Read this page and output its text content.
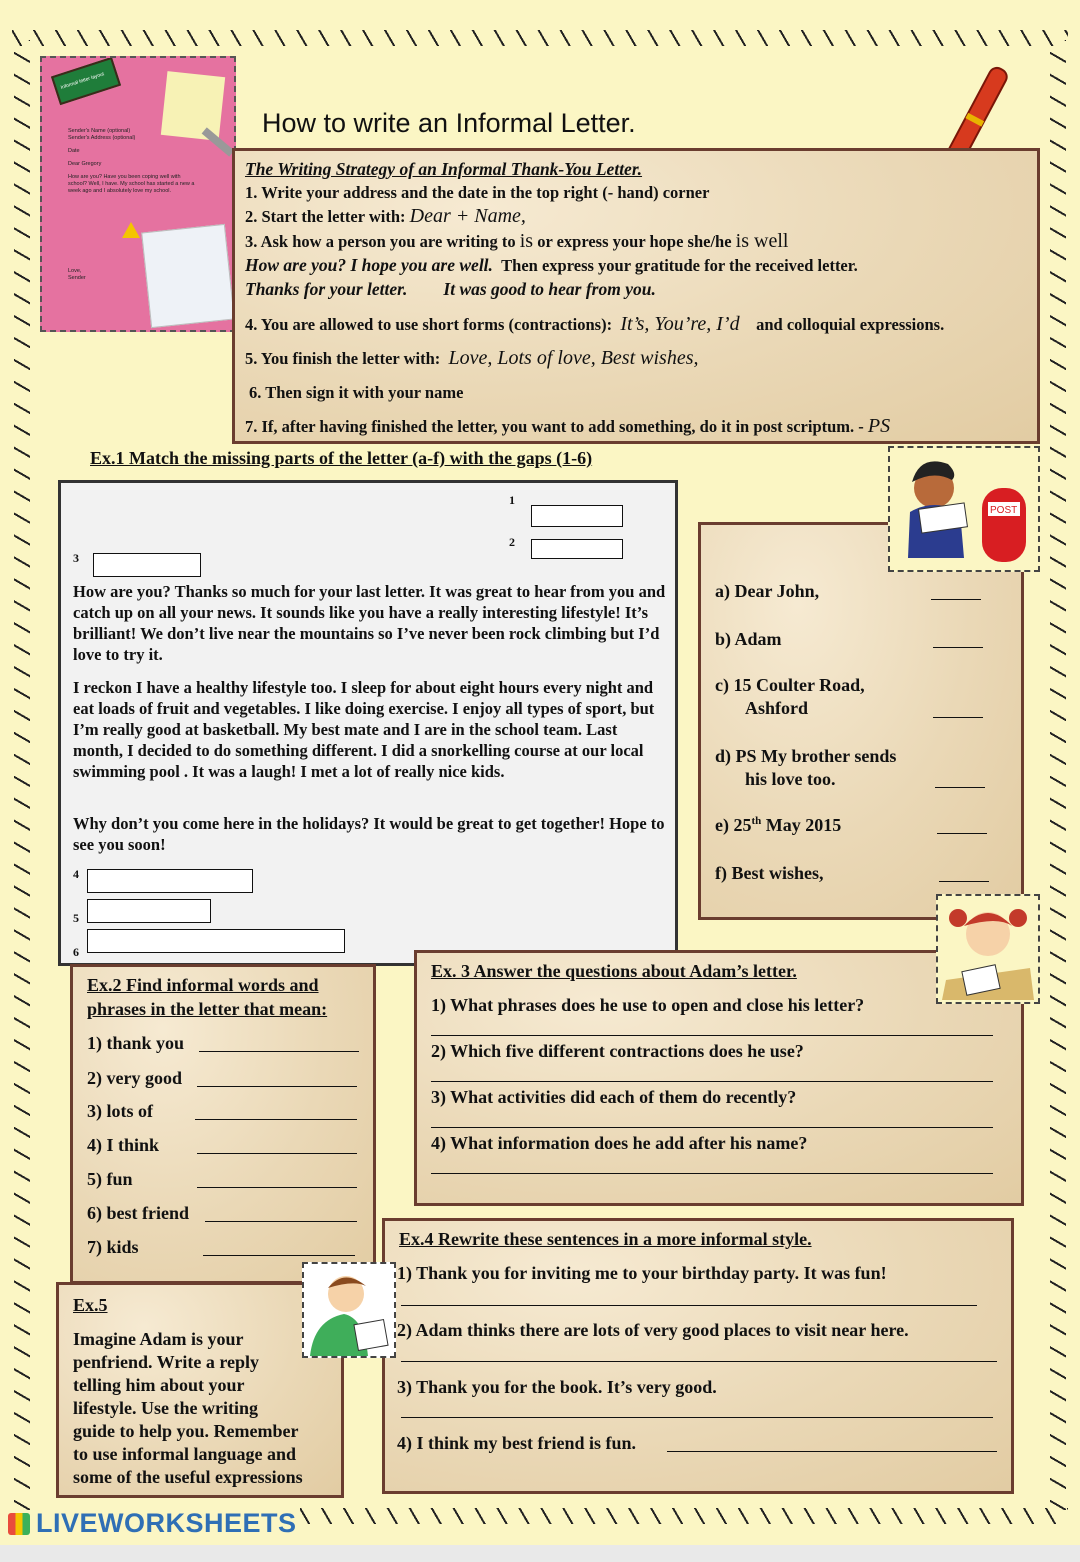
Informal letter layout
Sender's Name (optional)
Sender's Address (optional)
Date
Dear Gregory
How are you? Have you been coping well with school? Well, I have. My school has started a new a week ago and I absolutely love my school.
Love,
Sender
How to write an Informal Letter.

The Writing Strategy of an Informal Thank-You Letter.

1. Write your address and the date in the top right (- hand) corner

2. Start the letter with: Dear + Name,

3. Ask how a person you are writing to is or express your hope she/he is well

How are you? I hope you are well. Then express your gratitude for the received letter.

Thanks for your letter. It was good to hear from you.

4. You are allowed to use short forms (contractions): It’s, You’re, I’d and colloquial expressions.

5. You finish the letter with: Love, Lots of love, Best wishes,

6. Then sign it with your name

7. If, after having finished the letter, you want to add something, do it in post scriptum. - PS

Ex.1 Match the missing parts of the letter (a-f) with the gaps (1-6)
1
2
3
How are you? Thanks so much for your last letter. It was great to hear from you and catch up on all your news. It sounds like you have a really interesting lifestyle! It’s brilliant! We don’t live near the mountains so I’ve never been rock climbing but I’d love to try it.
I reckon I have a healthy lifestyle too. I sleep for about eight hours every night and eat loads of fruit and vegetables. I like doing exercise. I enjoy all types of sport, but I’m really good at basketball. My best mate and I are in the school team. Last month, I decided to do something different. I did a snorkelling course at our local swimming pool . It was a laugh! I met a lot of really nice kids.
Why don’t you come here in the holidays? It would be great to get together! Hope to see you soon!
4
5
6
a) Dear John,
b) Adam
c) 15 Coulter Road,
Ashford
d) PS My brother sends
his love too.
e) 25th May 2015
f) Best wishes,
POST
Ex.2 Find informal words and
phrases in the letter that mean:
1) thank you
2) very good
3) lots of
4) I think
5) fun
6) best friend
7) kids
Ex. 3 Answer the questions about Adam’s letter.
1) What phrases does he use to open and close his letter?
2) Which five different contractions does he use?
3) What activities did each of them do recently?
4) What information does he add after his name?
Ex.4 Rewrite these sentences in a more informal style.
1) Thank you for inviting me to your birthday party. It was fun!
2) Adam thinks there are lots of very good places to visit near here.
3) Thank you for the book. It’s very good.
4) I think my best friend is fun.
Ex.5
Imagine Adam is your
penfriend. Write a reply
telling him about your
lifestyle. Use the writing
guide to help you. Remember
to use informal language and
some of the useful expressions
LIVEWORKSHEETS
